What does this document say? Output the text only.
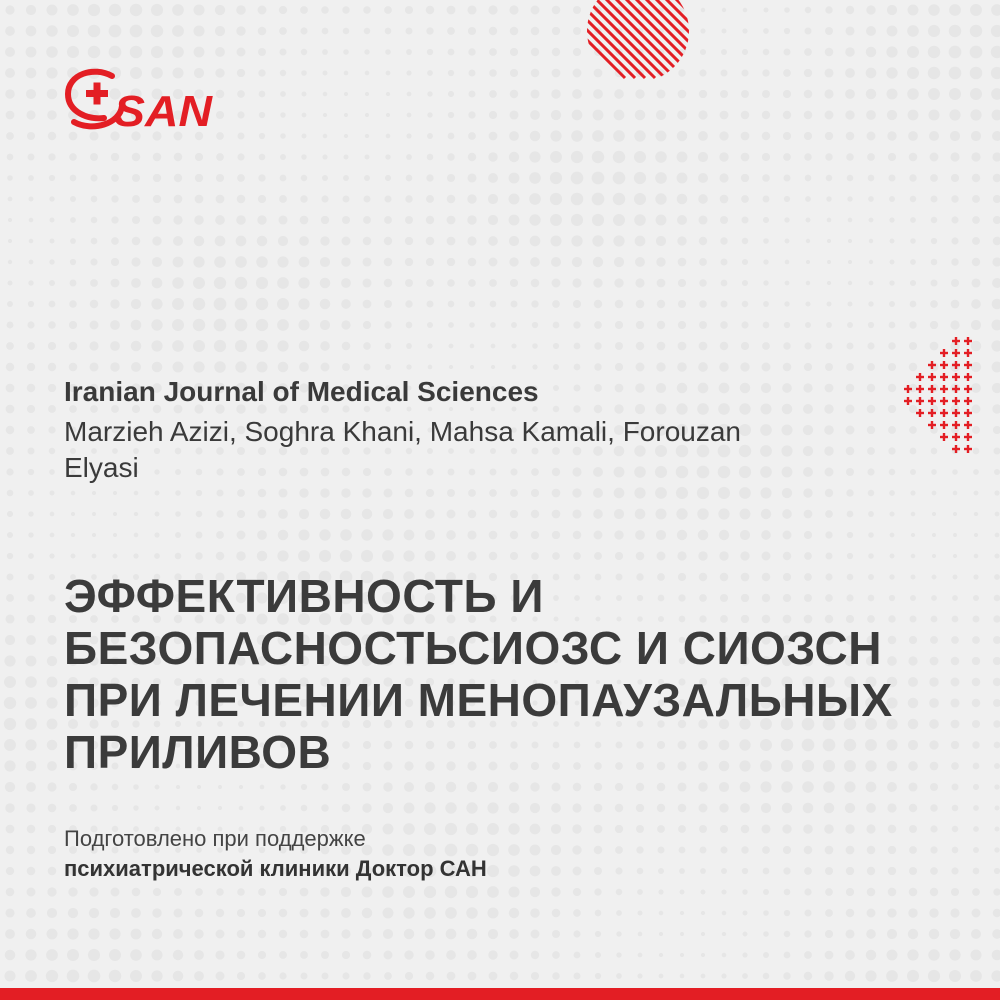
SAN

Iranian Journal of Medical Sciences

Marzieh Azizi, Soghra Khani, Mahsa Kamali, Forouzan Elyasi

ЭФФЕКТИВНОСТЬ И
БЕЗОПАСНОСТЬСИОЗС И СИОЗСН
ПРИ ЛЕЧЕНИИ МЕНОПАУЗАЛЬНЫХ
ПРИЛИВОВ

Подготовлено при поддержке

психиатрической клиники Доктор САН
